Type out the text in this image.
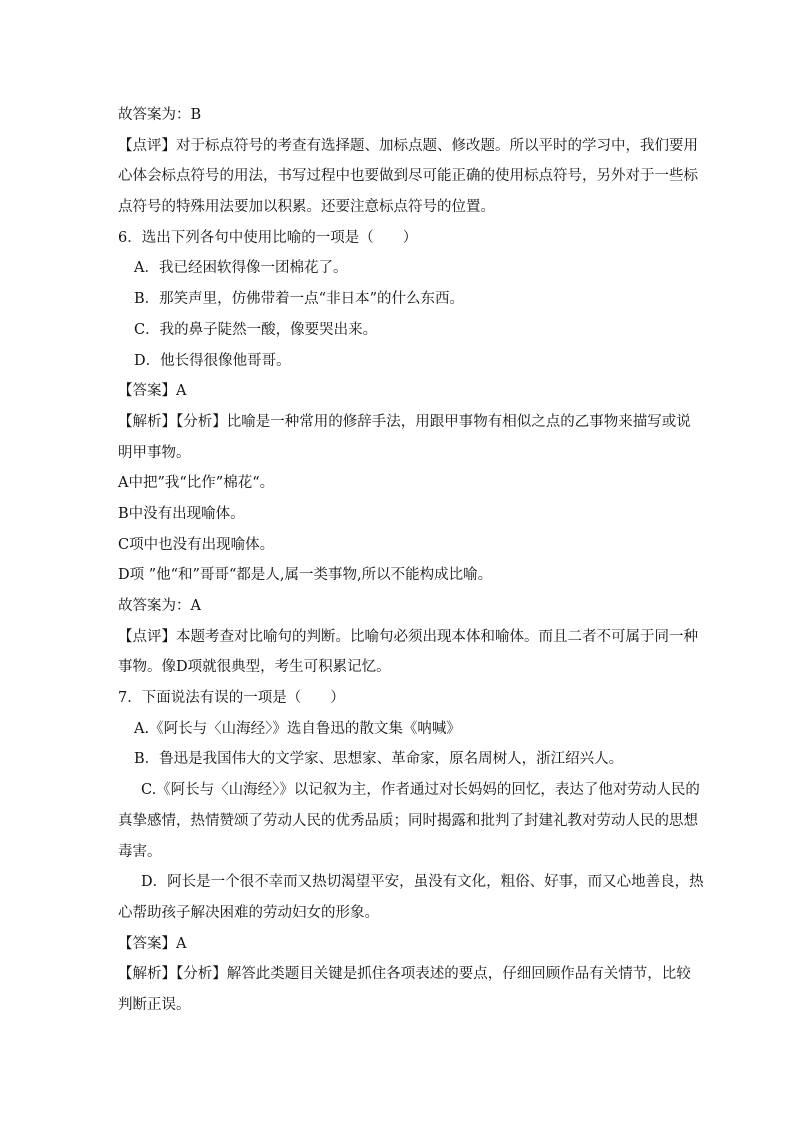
故答案为：B
【点评】对于标点符号的考查有选择题、加标点题、修改题。所以平时的学习中，我们要用
心体会标点符号的用法，书写过程中也要做到尽可能正确的使用标点符号，另外对于一些标
点符号的特殊用法要加以积累。还要注意标点符号的位置。
6．选出下列各句中使用比喻的一项是（　　）
A．我已经困软得像一团棉花了。
B．那笑声里，仿佛带着一点“非日本”的什么东西。
C．我的鼻子陡然一酸，像要哭出来。
D．他长得很像他哥哥。
【答案】A
【解析】【分析】比喻是一种常用的修辞手法，用跟甲事物有相似之点的乙事物来描写或说
明甲事物。
A中把”我“比作”棉花“。
B中没有出现喻体。
C项中也没有出现喻体。
D项 ”他“和”哥哥“都是人,属一类事物,所以不能构成比喻。
故答案为：A
【点评】本题考查对比喻句的判断。比喻句必须出现本体和喻体。而且二者不可属于同一种
事物。像D项就很典型，考生可积累记忆。
7．下面说法有误的一项是（　　）
A.《阿长与〈山海经〉》选自鲁迅的散文集《呐喊》
B．鲁迅是我国伟大的文学家、思想家、革命家，原名周树人，浙江绍兴人。
C.《阿长与〈山海经〉》以记叙为主，作者通过对长妈妈的回忆，表达了他对劳动人民的
真挚感情，热情赞颂了劳动人民的优秀品质；同时揭露和批判了封建礼教对劳动人民的思想
毒害。
D．阿长是一个很不幸而又热切渴望平安，虽没有文化，粗俗、好事，而又心地善良，热
心帮助孩子解决困难的劳动妇女的形象。
【答案】A
【解析】【分析】解答此类题目关键是抓住各项表述的要点，仔细回顾作品有关情节，比较
判断正误。
